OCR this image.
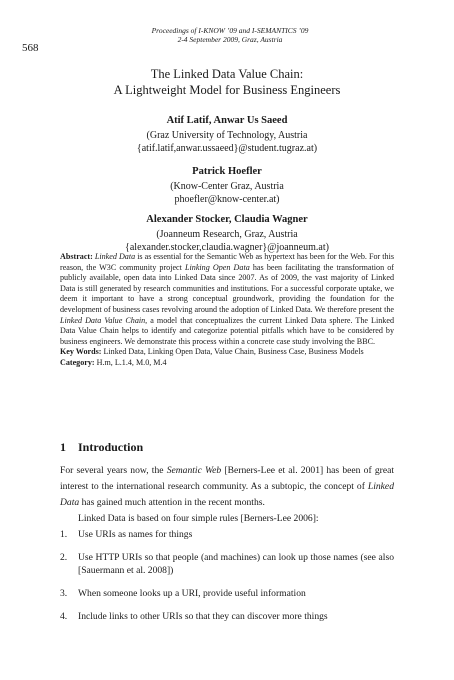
568
Proceedings of I-KNOW ’09 and I-SEMANTICS ’09
2-4 September 2009, Graz, Austria
The Linked Data Value Chain:
A Lightweight Model for Business Engineers
Atif Latif, Anwar Us Saeed
(Graz University of Technology, Austria
{atif.latif,anwar.ussaeed}@student.tugraz.at)
Patrick Hoefler
(Know-Center Graz, Austria
phoefler@know-center.at)
Alexander Stocker, Claudia Wagner
(Joanneum Research, Graz, Austria
{alexander.stocker,claudia.wagner}@joanneum.at)

Abstract: Linked Data is as essential for the Semantic Web as hypertext has been for the Web. For this reason, the W3C community project Linking Open Data has been facilitating the transformation of publicly available, open data into Linked Data since 2007. As of 2009, the vast majority of Linked Data is still generated by research communities and institutions. For a successful corporate uptake, we deem it important to have a strong conceptual groundwork, providing the foundation for the development of business cases revolving around the adoption of Linked Data. We therefore present the Linked Data Value Chain, a model that conceptualizes the current Linked Data sphere. The Linked Data Value Chain helps to identify and categorize potential pitfalls which have to be considered by business engineers. We demonstrate this process within a concrete case study involving the BBC.

Key Words: Linked Data, Linking Open Data, Value Chain, Business Case, Business Models

Category: H.m, L.1.4, M.0, M.4

1 Introduction

For several years now, the Semantic Web [Berners-Lee et al. 2001] has been of great interest to the international research community. As a subtopic, the concept of Linked Data has gained much attention in the recent months.

Linked Data is based on four simple rules [Berners-Lee 2006]:

1. Use URIs as names for things
2. Use HTTP URIs so that people (and machines) can look up those names (see also [Sauermann et al. 2008])
3. When someone looks up a URI, provide useful information
4. Include links to other URIs so that they can discover more things
